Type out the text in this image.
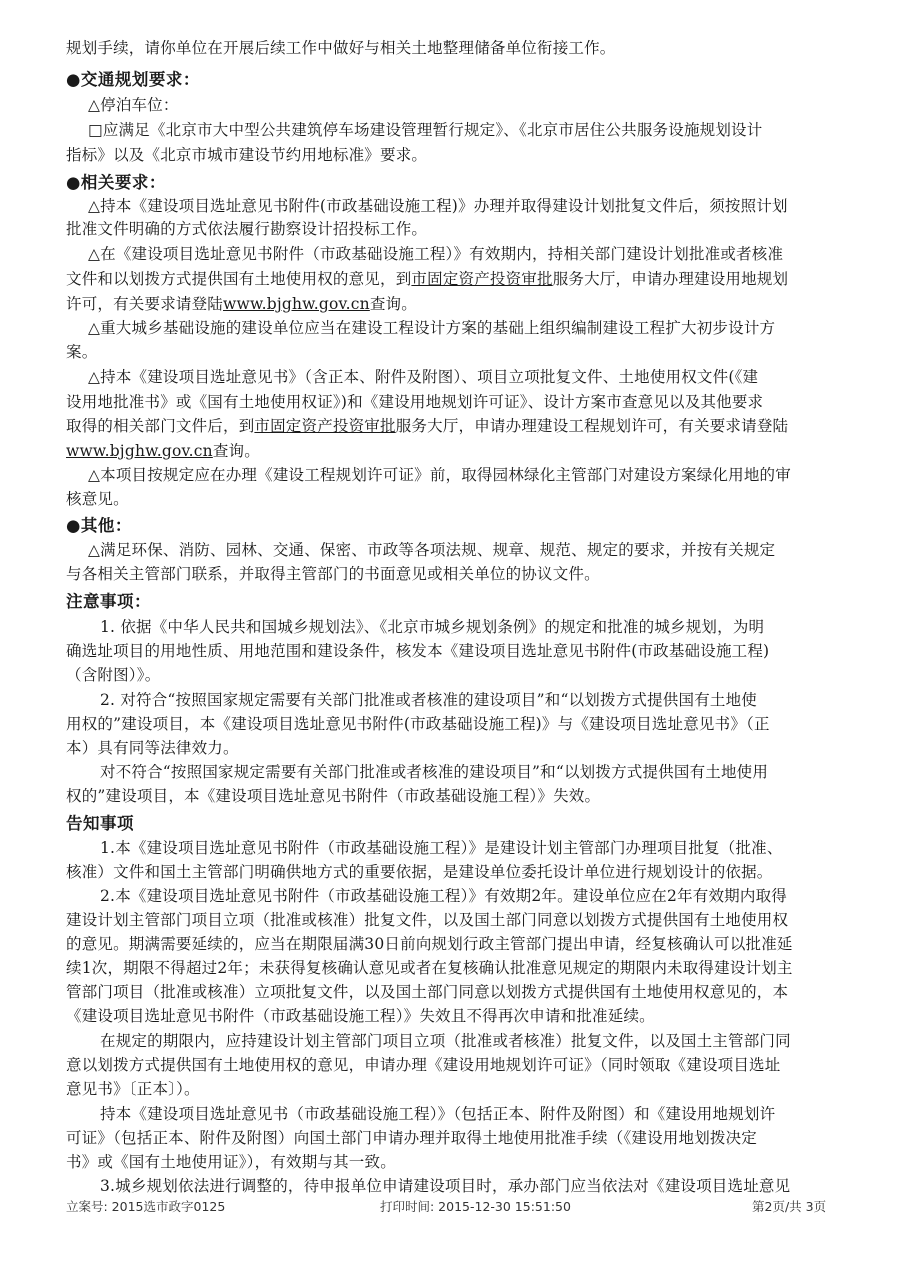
规划手续，请你单位在开展后续工作中做好与相关土地整理储备单位衔接工作。
●交通规划要求：
△停泊车位：
□应满足《北京市大中型公共建筑停车场建设管理暂行规定》、《北京市居住公共服务设施规划设计
指标》以及《北京市城市建设节约用地标准》要求。
●相关要求：
△持本《建设项目选址意见书附件(市政基础设施工程)》办理并取得建设计划批复文件后，须按照计划
批准文件明确的方式依法履行勘察设计招投标工作。
△在《建设项目选址意见书附件（市政基础设施工程）》有效期内，持相关部门建设计划批准或者核准
文件和以划拨方式提供国有土地使用权的意见，到市固定资产投资审批服务大厅，申请办理建设用地规划
许可，有关要求请登陆www.bjghw.gov.cn查询。
△重大城乡基础设施的建设单位应当在建设工程设计方案的基础上组织编制建设工程扩大初步设计方
案。
△持本《建设项目选址意见书》（含正本、附件及附图）、项目立项批复文件、土地使用权文件(《建
设用地批准书》或《国有土地使用权证》)和《建设用地规划许可证》、设计方案市查意见以及其他要求
取得的相关部门文件后，到市固定资产投资审批服务大厅，申请办理建设工程规划许可，有关要求请登陆
www.bjghw.gov.cn查询。
△本项目按规定应在办理《建设工程规划许可证》前，取得园林绿化主管部门对建设方案绿化用地的审
核意见。
●其他：
△满足环保、消防、园林、交通、保密、市政等各项法规、规章、规范、规定的要求，并按有关规定
与各相关主管部门联系，并取得主管部门的书面意见或相关单位的协议文件。
注意事项：
1. 依据《中华人民共和国城乡规划法》、《北京市城乡规划条例》的规定和批准的城乡规划，为明
确选址项目的用地性质、用地范围和建设条件，核发本《建设项目选址意见书附件(市政基础设施工程)
（含附图）》。
2. 对符合“按照国家规定需要有关部门批准或者核准的建设项目”和“以划拨方式提供国有土地使
用权的”建设项目，本《建设项目选址意见书附件(市政基础设施工程)》与《建设项目选址意见书》（正
本）具有同等法律效力。
对不符合“按照国家规定需要有关部门批准或者核准的建设项目”和“以划拨方式提供国有土地使用
权的”建设项目，本《建设项目选址意见书附件（市政基础设施工程）》失效。
告知事项
1.本《建设项目选址意见书附件（市政基础设施工程）》是建设计划主管部门办理项目批复（批准、
核准）文件和国土主管部门明确供地方式的重要依据，是建设单位委托设计单位进行规划设计的依据。
2.本《建设项目选址意见书附件（市政基础设施工程）》有效期2年。建设单位应在2年有效期内取得
建设计划主管部门项目立项（批准或核准）批复文件，以及国土部门同意以划拨方式提供国有土地使用权
的意见。期满需要延续的，应当在期限届满30日前向规划行政主管部门提出申请，经复核确认可以批准延
续1次，期限不得超过2年；未获得复核确认意见或者在复核确认批准意见规定的期限内未取得建设计划主
管部门项目（批准或核准）立项批复文件，以及国土部门同意以划拨方式提供国有土地使用权意见的，本
《建设项目选址意见书附件（市政基础设施工程）》失效且不得再次申请和批准延续。
在规定的期限内，应持建设计划主管部门项目立项（批准或者核准）批复文件，以及国土主管部门同
意以划拨方式提供国有土地使用权的意见，申请办理《建设用地规划许可证》（同时领取《建设项目选址
意见书》〔正本〕）。
持本《建设项目选址意见书（市政基础设施工程）》（包括正本、附件及附图）和《建设用地规划许
可证》（包括正本、附件及附图）向国土部门申请办理并取得土地使用批准手续（《建设用地划拨决定
书》或《国有土地使用证》），有效期与其一致。
3.城乡规划依法进行调整的，待申报单位申请建设项目时，承办部门应当依法对《建设项目选址意见
立案号: 2015选市政字0125	打印时间: 2015-12-30 15:51:50	第2页/共 3页
